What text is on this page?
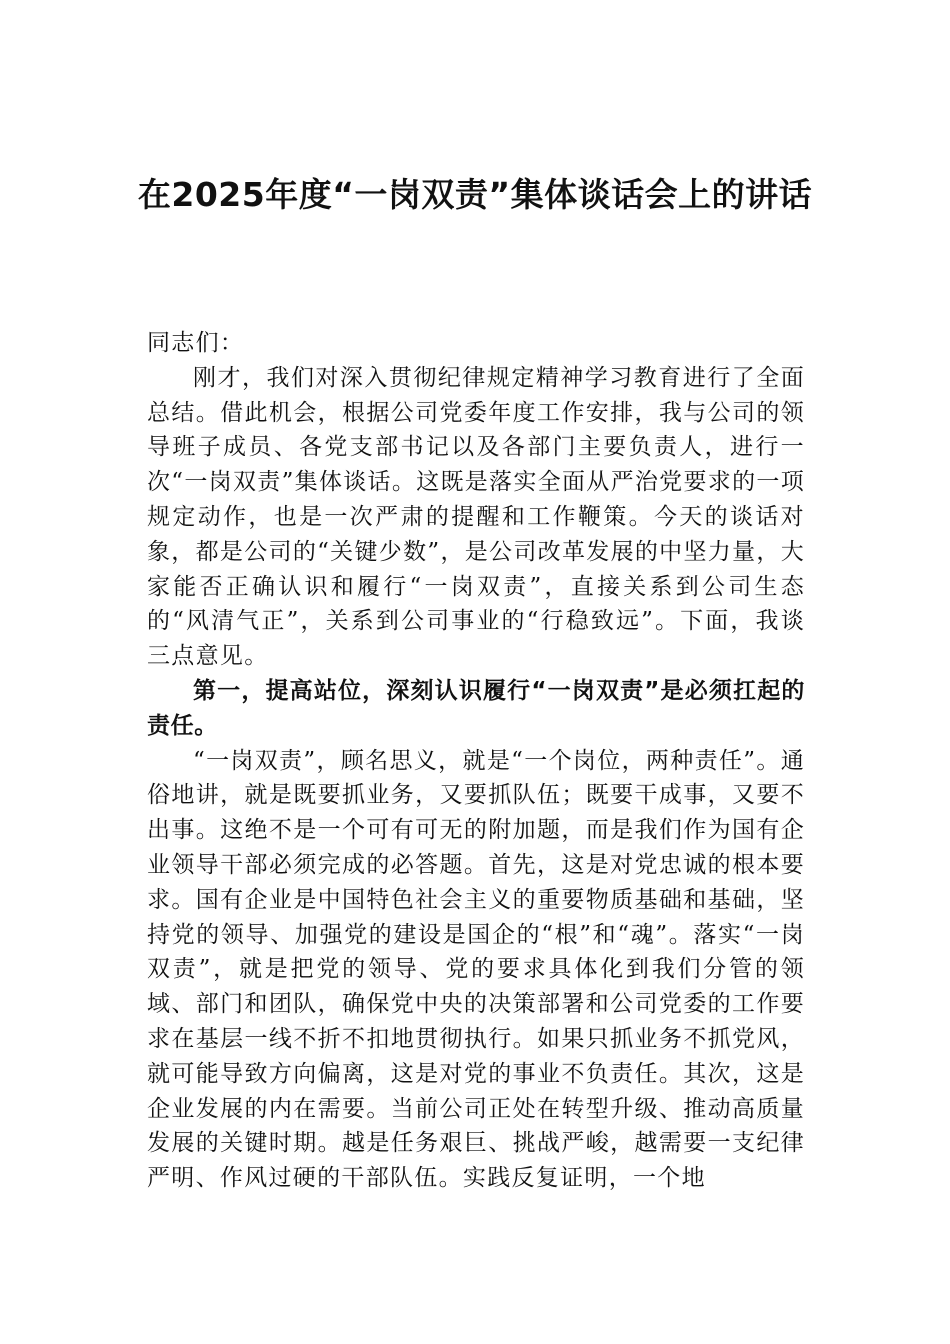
在2025年度“一岗双责”集体谈话会上的讲话

同志们：

刚才，我们对深入贯彻纪律规定精神学习教育进行了全面总结。借此机会，根据公司党委年度工作安排，我与公司的领导班子成员、各党支部书记以及各部门主要负责人，进行一次“一岗双责”集体谈话。这既是落实全面从严治党要求的一项规定动作，也是一次严肃的提醒和工作鞭策。今天的谈话对象，都是公司的“关键少数”，是公司改革发展的中坚力量，大家能否正确认识和履行“一岗双责”，直接关系到公司生态的“风清气正”，关系到公司事业的“行稳致远”。下面，我谈三点意见。

第一，提高站位，深刻认识履行“一岗双责”是必须扛起的责任。

“一岗双责”，顾名思义，就是“一个岗位，两种责任”。通俗地讲，就是既要抓业务，又要抓队伍；既要干成事，又要不出事。这绝不是一个可有可无的附加题，而是我们作为国有企业领导干部必须完成的必答题。首先，这是对党忠诚的根本要求。国有企业是中国特色社会主义的重要物质基础和基础，坚持党的领导、加强党的建设是国企的“根”和“魂”。落实“一岗双责”，就是把党的领导、党的要求具体化到我们分管的领域、部门和团队，确保党中央的决策部署和公司党委的工作要求在基层一线不折不扣地贯彻执行。如果只抓业务不抓党风，就可能导致方向偏离，这是对党的事业不负责任。其次，这是企业发展的内在需要。当前公司正处在转型升级、推动高质量发展的关键时期。越是任务艰巨、挑战严峻，越需要一支纪律严明、作风过硬的干部队伍。实践反复证明，一个地
